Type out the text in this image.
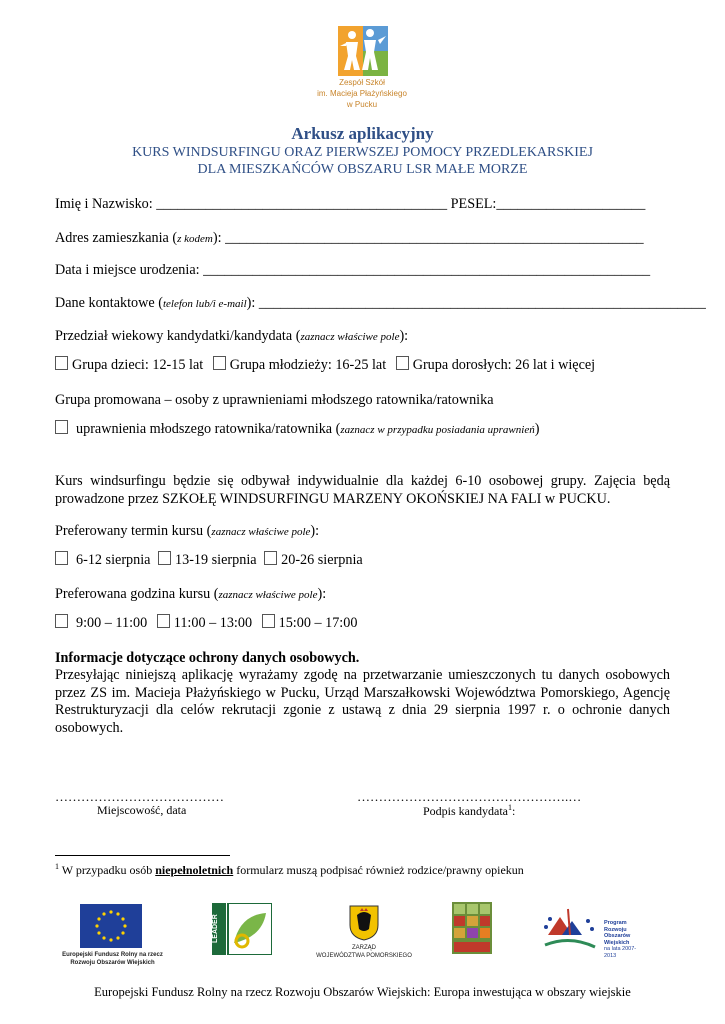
Zespół Szkół
im. Macieja Płażyńskiego
w Pucku
Arkusz aplikacyjny
KURS WINDSURFINGU ORAZ PIERWSZEJ POMOCY PRZEDLEKARSKIEJ
DLA MIESZKAŃCÓW OBSZARU LSR MAŁE MORZE
Imię i Nazwisko: _________________________________________ PESEL:_____________________
Adres zamieszkania (z kodem): ___________________________________________________________
Data i miejsce urodzenia: _______________________________________________________________
Dane kontaktowe (telefon lub/i e-mail): _______________________________________________________________
Przedział wiekowy kandydatki/kandydata (zaznacz właściwe pole):
Grupa dzieci: 12-15 lat Grupa młodzieży: 16-25 lat Grupa dorosłych: 26 lat i więcej
Grupa promowana – osoby z uprawnieniami młodszego ratownika/ratownika
uprawnienia młodszego ratownika/ratownika (zaznacz w przypadku posiadania uprawnień)
Kurs windsurfingu będzie się odbywał indywidualnie dla każdej 6-10 osobowej grupy. Zajęcia będą prowadzone przez SZKOŁĘ WINDSURFINGU MARZENY OKOŃSKIEJ NA FALI w PUCKU.
Preferowany termin kursu (zaznacz właściwe pole):
6-12 sierpnia 13-19 sierpnia 20-26 sierpnia
Preferowana godzina kursu (zaznacz właściwe pole):
9:00 – 11:00 11:00 – 13:00 15:00 – 17:00
Informacje dotyczące ochrony danych osobowych.
Przesyłając niniejszą aplikację wyrażamy zgodę na przetwarzanie umieszczonych tu danych osobowych przez ZS im. Macieja Płażyńskiego w Pucku, Urząd Marszałkowski Województwa Pomorskiego, Agencję Restrukturyzacji dla celów rekrutacji zgonie z ustawą z dnia 29 sierpnia 1997 r. o ochronie danych osobowych.
…………………………………
Miejscowość, data
………………………………………….…
Podpis kandydata$^1$:
$^1$ W przypadku osób niepełnoletnich formularz muszą podpisać również rodzice/prawny opiekun
Europejski Fundusz Rolny na rzecz
Rozwoju Obszarów Wiejskich
LEADER
ZARZĄD
WOJEWÓDZTWA POMORSKIEGO
Program
Rozwoju
Obszarów
Wiejskich
na lata 2007-2013
Europejski Fundusz Rolny na rzecz Rozwoju Obszarów Wiejskich: Europa inwestująca w obszary wiejskie
